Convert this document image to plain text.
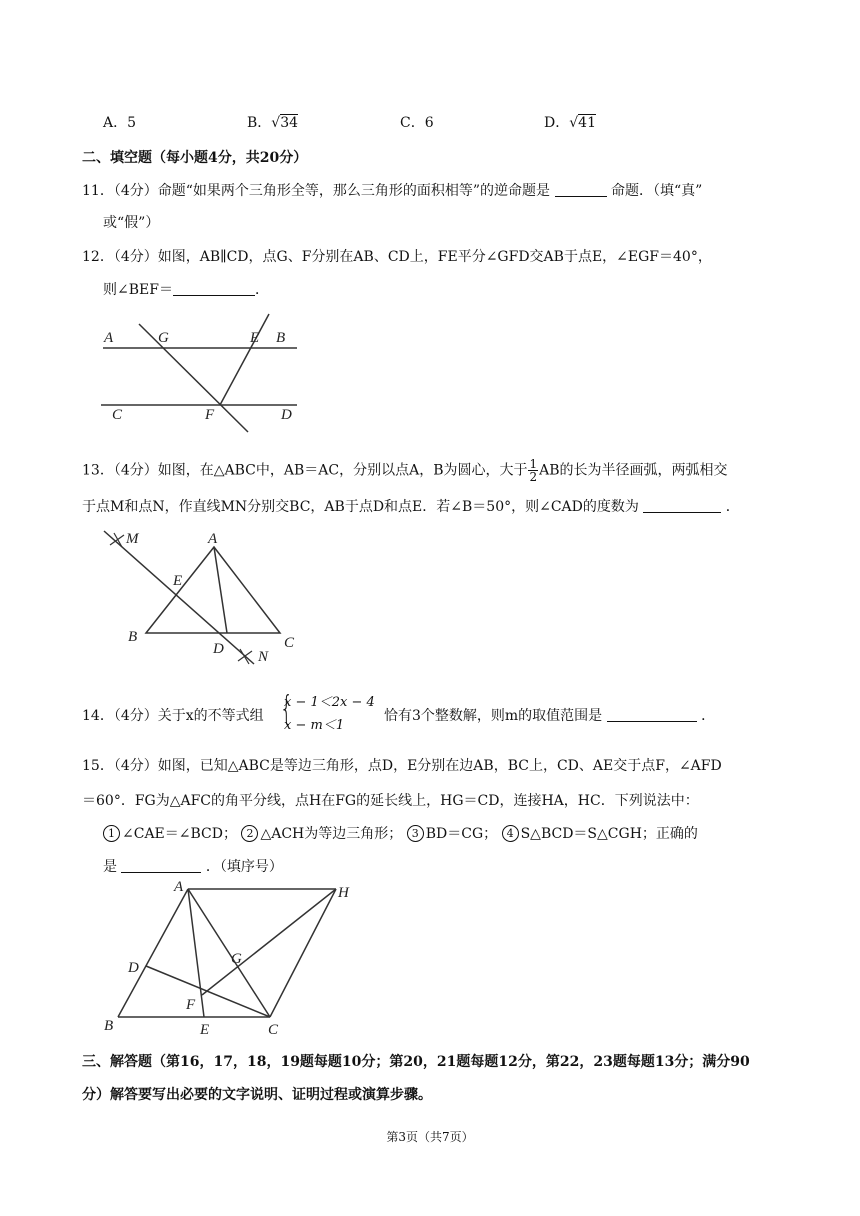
A．5	B．√34	C．6	D．√41
二、填空题（每小题4分，共20分）
11．（4分）命题“如果两个三角形全等，那么三角形的面积相等”的逆命题是	命题．（填“真”
或“假”）
12．（4分）如图，AB∥CD，点G、F分别在AB、CD上，FE平分∠GFD交AB于点E，∠EGF＝40°，
则∠BEF＝	．
A	G	E B
C	F	D
13．（4分）如图，在△ABC中，AB＝AC，分别以点A，B为圆心，大于 $\frac{1}{2}$ AB的长为半径画弧，两弧相交
于点M和点N，作直线MN分别交BC，AB于点D和点E．若∠B＝50°，则∠CAD的度数为	．
M	A
E
B
D	C
N
14．（4分）关于x的不等式组 {
x − 1＜2x − 4
x − m＜1
恰有3个整数解，则m的取值范围是	．
15．（4分）如图，已知△ABC是等边三角形，点D，E分别在边AB，BC上，CD、AE交于点F，∠AFD
＝60°．FG为△AFC的角平分线，点H在FG的延长线上，HG＝CD，连接HA，HC．下列说法中：
1 ∠CAE＝∠BCD； 2 △ACH为等边三角形； 3 BD＝CG； 4 S△BCD＝S△CGH；正确的
是	．（填序号）
A	H
D
G
F
B	E	C
三、解答题（第16，17，18，19题每题10分；第20，21题每题12分，第22，23题每题13分；满分90
分）解答要写出必要的文字说明、证明过程或演算步骤。
第3页（共7页）
